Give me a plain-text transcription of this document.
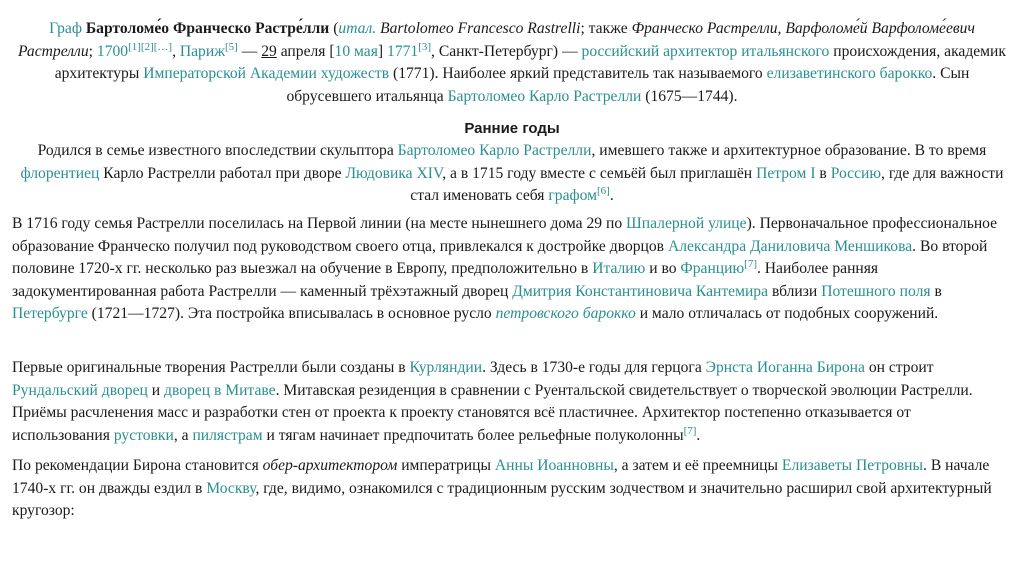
Граф Бартоломе́о Франческо Растре́лли (итал. Bartolomeo Francesco Rastrelli; также Франческо Растрелли, Варфоломе́й Варфоломе́евич Растрелли; 1700[1][2][…], Париж[5] — 29 апреля [10 мая] 1771[3], Санкт-Петербург) — российский архитектор итальянского происхождения, академик архитектуры Императорской Академии художеств (1771). Наиболее яркий представитель так называемого елизаветинского барокко. Сын обрусевшего итальянца Бартоломео Карло Растрелли (1675—1744).

Ранние годы

Родился в семье известного впоследствии скульптора Бартоломео Карло Растрелли, имевшего также и архитектурное образование. В то время флорентиец Карло Растрелли работал при дворе Людовика XIV, а в 1715 году вместе с семьёй был приглашён Петром I в Россию, где для важности стал именовать себя графом[6].

В 1716 году семья Растрелли поселилась на Первой линии (на месте нынешнего дома 29 по Шпалерной улице). Первоначальное профессиональное образование Франческо получил под руководством своего отца, привлекался к достройке дворцов Александра Даниловича Меншикова. Во второй половине 1720-х гг. несколько раз выезжал на обучение в Европу, предположительно в Италию и во Францию[7]. Наиболее ранняя задокументированная работа Растрелли — каменный трёхэтажный дворец Дмитрия Константиновича Кантемира вблизи Потешного поля в Петербурге (1721—1727). Эта постройка вписывалась в основное русло петровского барокко и мало отличалась от подобных сооружений.

Первые оригинальные творения Растрелли были созданы в Курляндии. Здесь в 1730-е годы для герцога Эрнста Иоганна Бирона он строит Рундальский дворец и дворец в Митаве. Митавская резиденция в сравнении с Руентальской свидетельствует о творческой эволюции Растрелли. Приёмы расчленения масс и разработки стен от проекта к проекту становятся всё пластичнее. Архитектор постепенно отказывается от использования рустовки, а пилястрам и тягам начинает предпочитать более рельефные полуколонны[7].

По рекомендации Бирона становится обер-архитектором императрицы Анны Иоанновны, а затем и её преемницы Елизаветы Петровны. В начале 1740-х гг. он дважды ездил в Москву, где, видимо, ознакомился с традиционным русским зодчеством и значительно расширил свой архитектурный кругозор:
